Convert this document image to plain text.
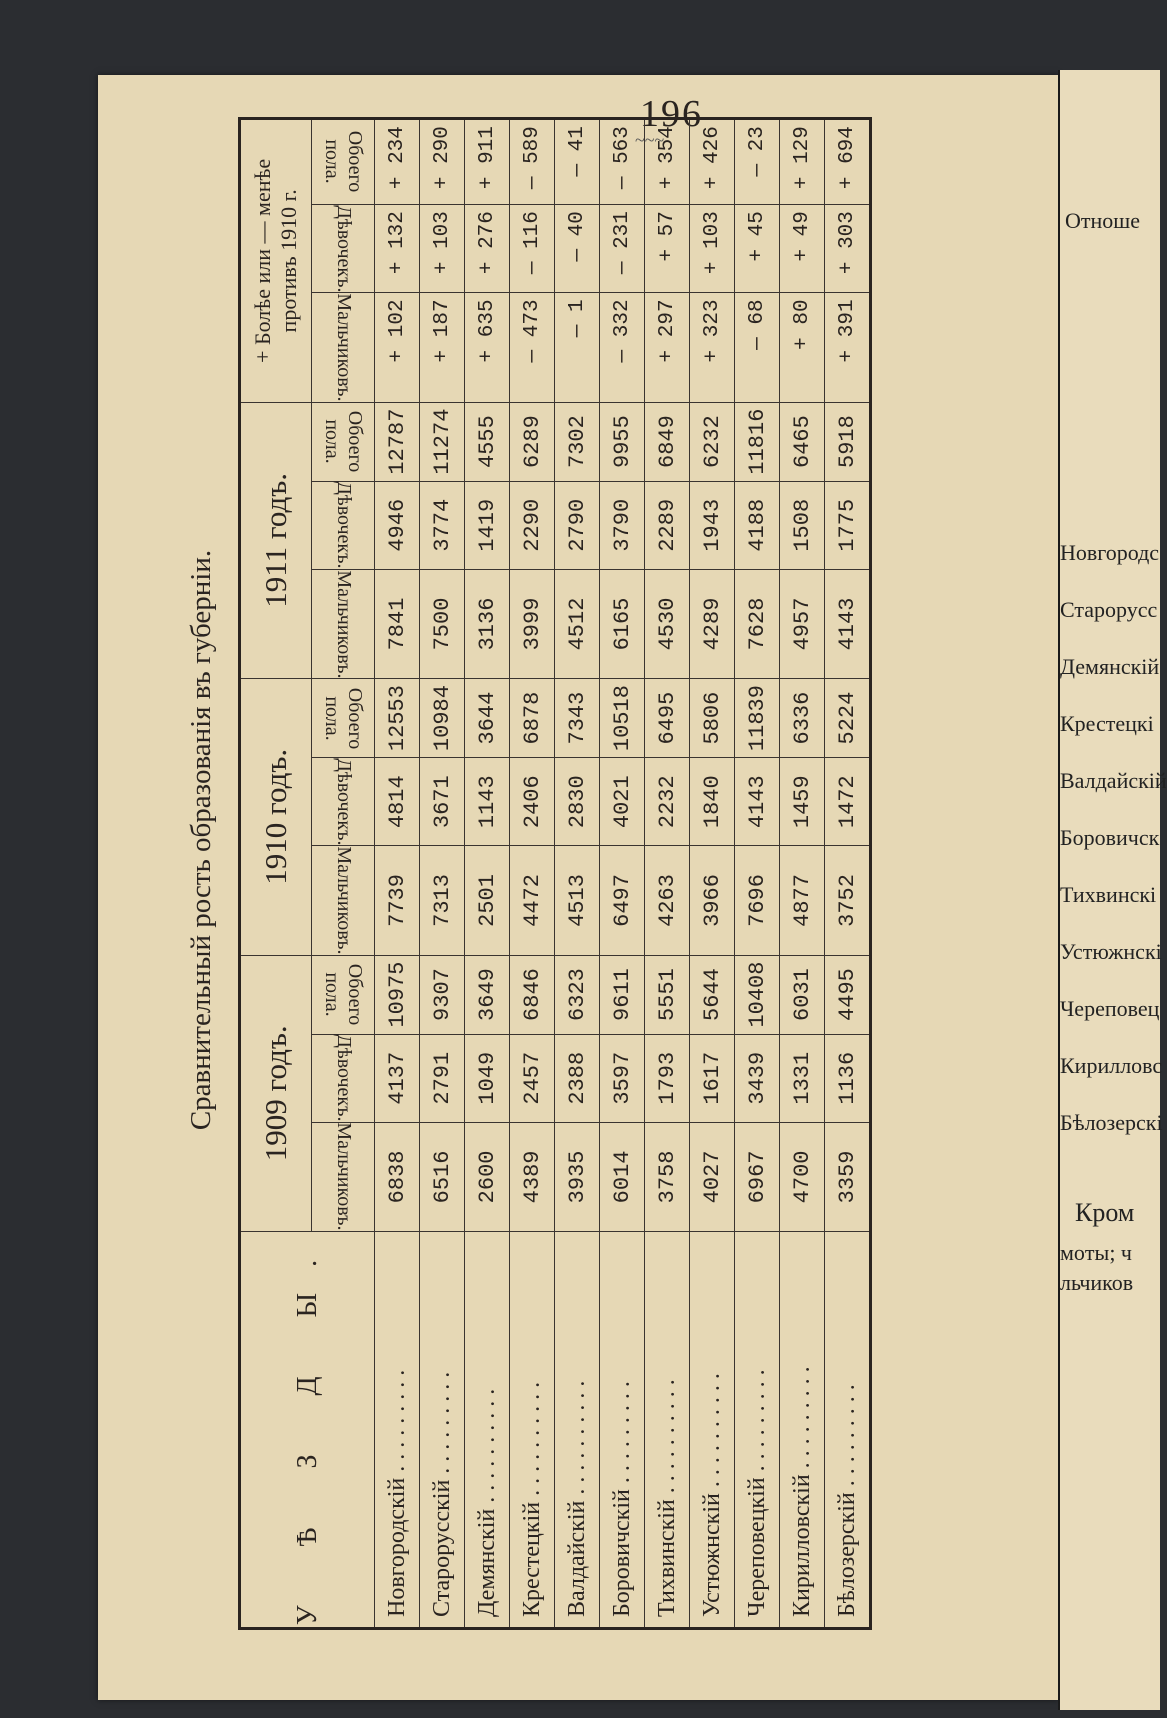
196
~~~
Сравнительный рость образованія въ губерніи.
У Ѣ З Д Ы.	1909 годъ.			1910 годъ.			1911 годъ.			+ Болѣе или — менѣе противъ 1910 г.		
	Мальчиковъ.	Дѣвочекъ.	Обоего пола.	Мальчиковъ.	Дѣвочекъ.	Обоего пола.	Мальчиковъ.	Дѣвочекъ.	Обоего пола.	Мальчиковъ.	Дѣвочекъ.	Обоего пола.
Новгородскій . . . . . . . . .	6838	4137	10975	7739	4814	12553	7841	4946	12787	+ 102	+ 132	+ 234
Старорусскій . . . . . . . . .	6516	2791	9307	7313	3671	10984	7500	3774	11274	+ 187	+ 103	+ 290
Демянскій . . . . . . . . . .	2600	1049	3649	2501	1143	3644	3136	1419	4555	+ 635	+ 276	+ 911
Крестецкій . . . . . . . . . .	4389	2457	6846	4472	2406	6878	3999	2290	6289	— 473	— 116	— 589
Валдайскій . . . . . . . . . .	3935	2388	6323	4513	2830	7343	4512	2790	7302	— 1	— 40	— 41
Боровичскій . . . . . . . . .	6014	3597	9611	6497	4021	10518	6165	3790	9955	— 332	— 231	— 563
Тихвинскій . . . . . . . . . .	3758	1793	5551	4263	2232	6495	4530	2289	6849	+ 297	+ 57	+ 354
Устюжнскій . . . . . . . . . .	4027	1617	5644	3966	1840	5806	4289	1943	6232	+ 323	+ 103	+ 426
Череповецкій . . . . . . . . .	6967	3439	10408	7696	4143	11839	7628	4188	11816	— 68	+ 45	— 23
Кирилловскій . . . . . . . . .	4700	1331	6031	4877	1459	6336	4957	1508	6465	+ 80	+ 49	+ 129
Бѣлозерскій . . . . . . . . .	3359	1136	4495	3752	1472	5224	4143	1775	5918	+ 391	+ 303	+ 694
Отноше
Новгородс
Старорусс
Демянскій
Крестецкі
Валдайскій
Боровичск
Тихвинскі
Устюжнскі
Череповец
Кирилловс
Бѣлозерскі
Кром
мoты; ч
льчиков
